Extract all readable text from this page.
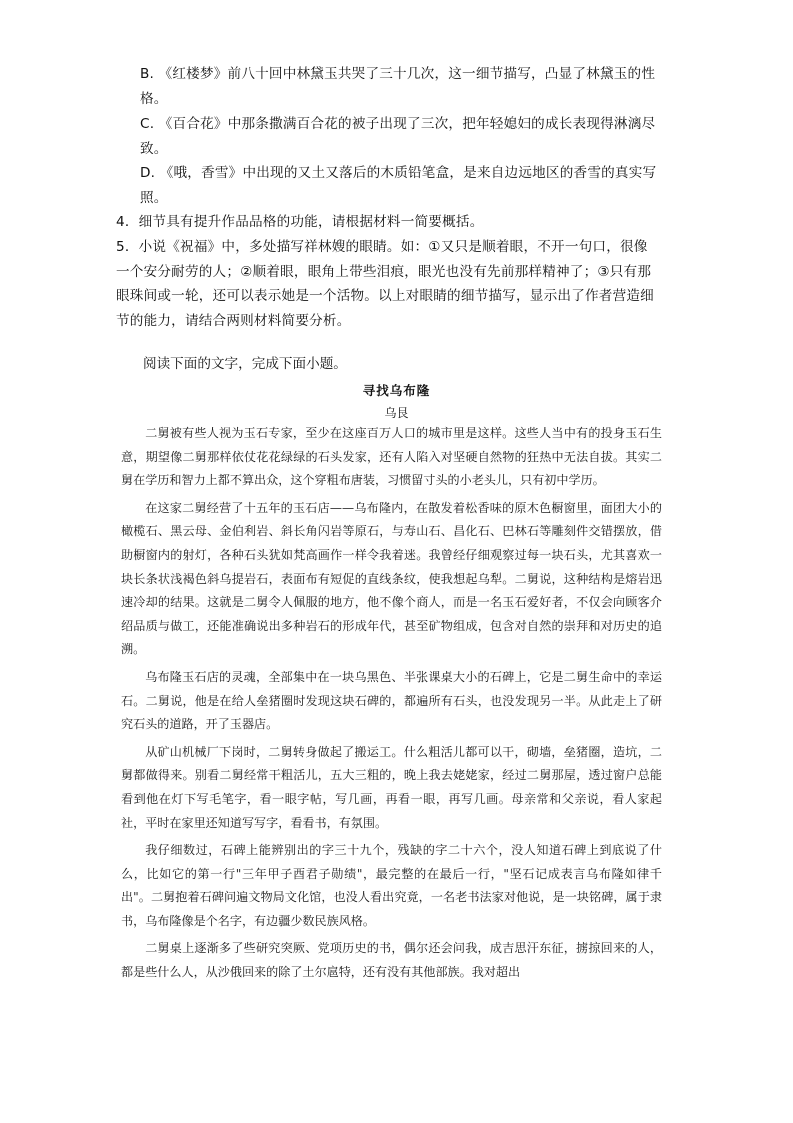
B. 《红楼梦》前八十回中林黛玉共哭了三十几次，这一细节描写，凸显了林黛玉的性
格。
C. 《百合花》中那条撒满百合花的被子出现了三次，把年轻媳妇的成长表现得淋漓尽
致。
D. 《哦，香雪》中出现的又土又落后的木质铅笔盒，是来自边远地区的香雪的真实写
照。
4．细节具有提升作品品格的功能，请根据材料一简要概括。
5．小说《祝福》中，多处描写祥林嫂的眼睛。如：①又只是顺着眼，不开一句口，很像
一个安分耐劳的人；②顺着眼，眼角上带些泪痕，眼光也没有先前那样精神了；③只有那
眼珠间或一轮，还可以表示她是一个活物。以上对眼睛的细节描写，显示出了作者营造细
节的能力，请结合两则材料简要分析。
阅读下面的文字，完成下面小题。
寻找乌布隆
乌艮

二舅被有些人视为玉石专家，至少在这座百万人口的城市里是这样。这些人当中有的投身玉石生意，期望像二舅那样依仗花花绿绿的石头发家，还有人陷入对坚硬自然物的狂热中无法自拔。其实二舅在学历和智力上都不算出众，这个穿粗布唐装，习惯留寸头的小老头儿，只有初中学历。

在这家二舅经营了十五年的玉石店——乌布隆内，在散发着松香味的原木色橱窗里，面团大小的橄榄石、黑云母、金伯利岩、斜长角闪岩等原石，与寿山石、昌化石、巴林石等雕刻件交错摆放，借助橱窗内的射灯，各种石头犹如梵高画作一样令我着迷。我曾经仔细观察过每一块石头，尤其喜欢一块长条状浅褐色斜乌提岩石，表面布有短促的直线条纹，使我想起乌犁。二舅说，这种结构是熔岩迅速冷却的结果。这就是二舅令人佩服的地方，他不像个商人，而是一名玉石爱好者，不仅会向顾客介绍品质与做工，还能准确说出多种岩石的形成年代，甚至矿物组成，包含对自然的崇拜和对历史的追溯。

乌布隆玉石店的灵魂，全部集中在一块乌黑色、半张课桌大小的石碑上，它是二舅生命中的幸运石。二舅说，他是在给人垒猪圈时发现这块石碑的，都遍所有石头，也没发现另一半。从此走上了研究石头的道路，开了玉器店。

从矿山机械厂下岗时，二舅转身做起了搬运工。什么粗活儿都可以干，砌墙，垒猪圈，造坑，二舅都做得来。别看二舅经常干粗活儿，五大三粗的，晚上我去姥姥家，经过二舅那屋，透过窗户总能看到他在灯下写毛笔字，看一眼字帖，写几画，再看一眼，再写几画。母亲常和父亲说，看人家起社，平时在家里还知道写写字，看看书，有氛围。

我仔细数过，石碑上能辨别出的字三十九个，残缺的字二十六个，没人知道石碑上到底说了什么，比如它的第一行"三年甲子酉君子勋绩"，最完整的在最后一行，"坚石记成表言乌布隆如律千出"。二舅抱着石碑问遍文物局文化馆，也没人看出究竟，一名老书法家对他说，是一块铭碑，属于隶书，乌布隆像是个名字，有边疆少数民族风格。

二舅桌上逐渐多了些研究突厥、党项历史的书，偶尔还会问我，成吉思汗东征，掳掠回来的人，都是些什么人，从沙俄回来的除了土尔扈特，还有没有其他部族。我对超出
